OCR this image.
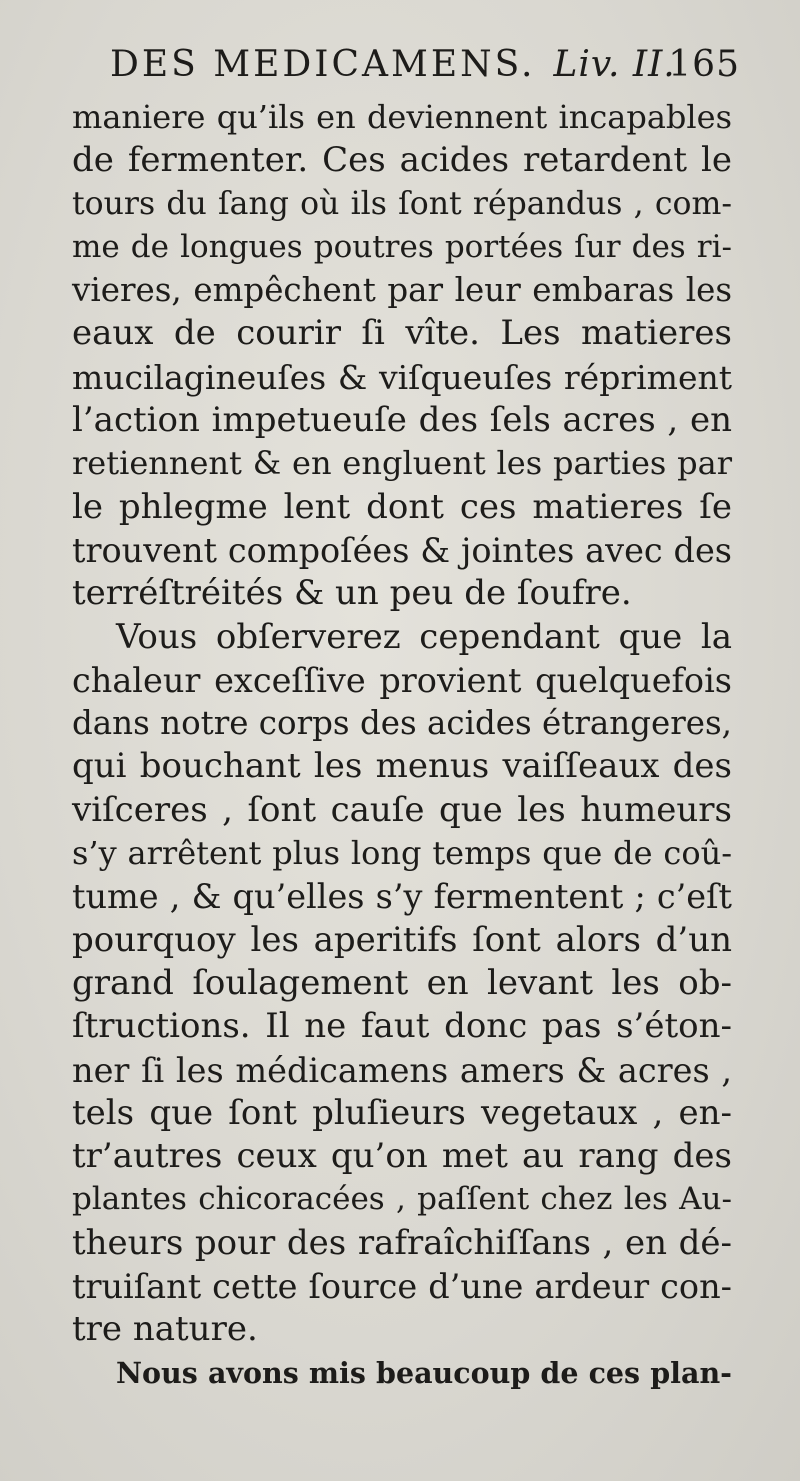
DES MEDICAMENS. Liv. II.
165
maniere qu’ils en deviennent incapables
de fermenter. Ces acides retardent le
tours du ſang où ils ſont répandus , com-
me de longues poutres portées ſur des ri-
vieres, empêchent par leur embaras les
eaux de courir ſi vîte. Les matieres
mucilagineuſes & viſqueuſes répriment
l’action impetueuſe des ſels acres , en
retiennent & en engluent les parties par
le phlegme lent dont ces matieres ſe
trouvent compoſées & jointes avec des
terréſtréités & un peu de ſoufre.
Vous obſerverez cependant que la
chaleur exceſſive provient quelquefois
dans notre corps des acides étrangeres,
qui bouchant les menus vaiſſeaux des
viſceres , ſont cauſe que les humeurs
s’y arrêtent plus long temps que de coû-
tume , & qu’elles s’y fermentent ; c’eſt
pourquoy les aperitifs ſont alors d’un
grand ſoulagement en levant les ob-
ſtructions. Il ne faut donc pas s’éton-
ner ſi les médicamens amers & acres ,
tels que ſont pluſieurs vegetaux , en-
tr’autres ceux qu’on met au rang des
plantes chicoracées , paſſent chez les Au-
theurs pour des rafraîchiſſans , en dé-
truiſant cette ſource d’une ardeur con-
tre nature.
Nous avons mis beaucoup de ces plan-
